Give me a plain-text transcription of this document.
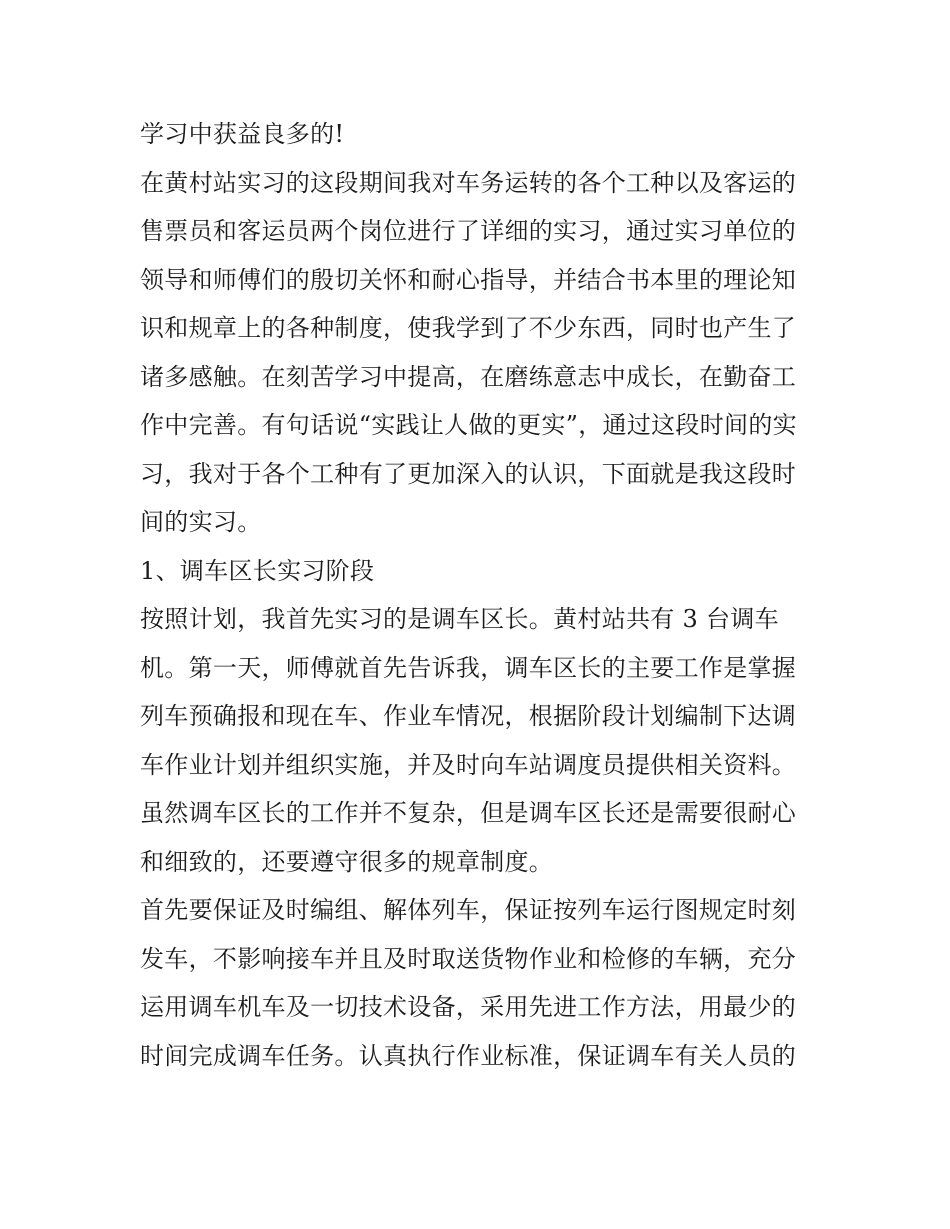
学习中获益良多的!
在黄村站实习的这段期间我对车务运转的各个工种以及客运的
售票员和客运员两个岗位进行了详细的实习，通过实习单位的
领导和师傅们的殷切关怀和耐心指导，并结合书本里的理论知
识和规章上的各种制度，使我学到了不少东西，同时也产生了
诸多感触。在刻苦学习中提高，在磨练意志中成长，在勤奋工
作中完善。有句话说“实践让人做的更实”，通过这段时间的实
习，我对于各个工种有了更加深入的认识，下面就是我这段时
间的实习。
1、调车区长实习阶段
按照计划，我首先实习的是调车区长。黄村站共有 3 台调车
机。第一天，师傅就首先告诉我，调车区长的主要工作是掌握
列车预确报和现在车、作业车情况，根据阶段计划编制下达调
车作业计划并组织实施，并及时向车站调度员提供相关资料。
虽然调车区长的工作并不复杂，但是调车区长还是需要很耐心
和细致的，还要遵守很多的规章制度。
首先要保证及时编组、解体列车，保证按列车运行图规定时刻
发车，不影响接车并且及时取送货物作业和检修的车辆，充分
运用调车机车及一切技术设备，采用先进工作方法，用最少的
时间完成调车任务。认真执行作业标准，保证调车有关人员的
